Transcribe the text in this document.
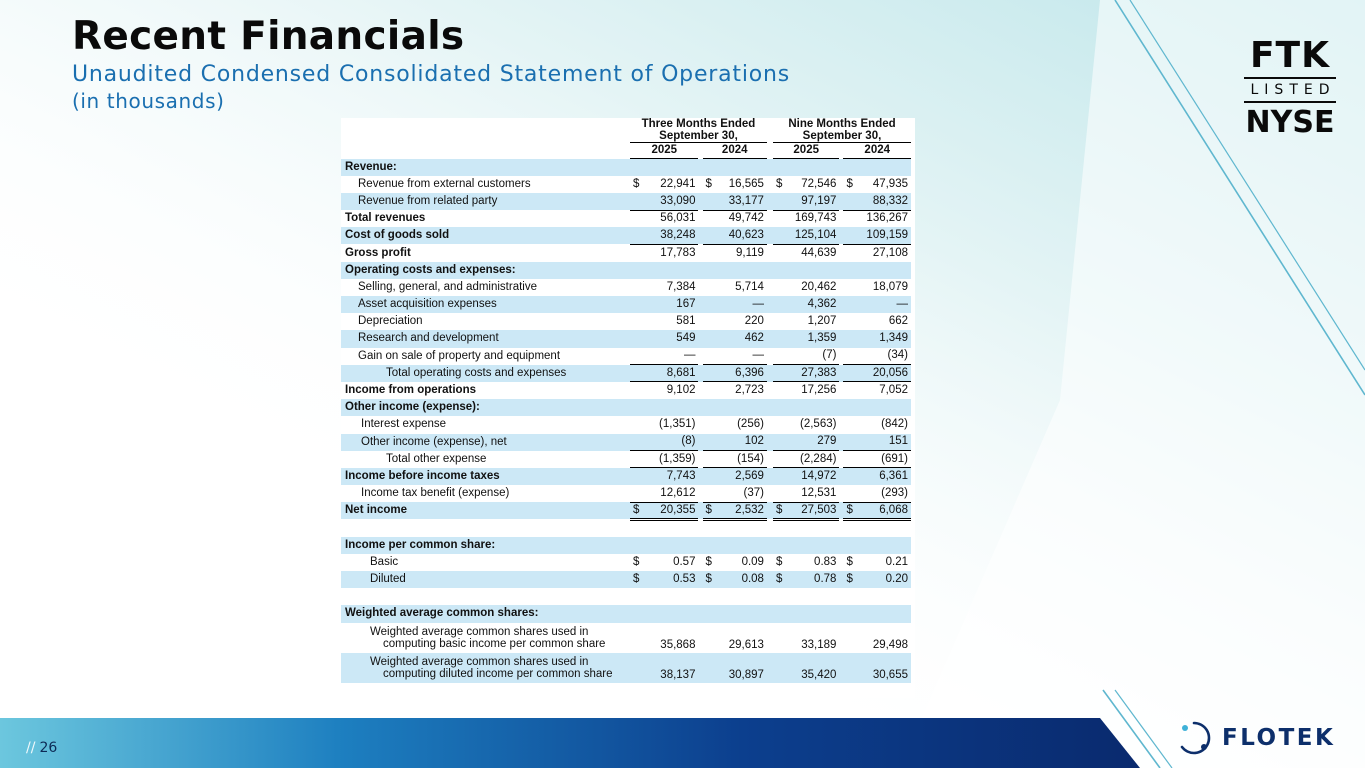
Recent Financials
Unaudited Condensed Consolidated Statement of Operations
(in thousands)
FTK
LISTED
NYSE
	Three Months Ended
September 30,				Nine Months Ended
September 30,		
	2025		2024		2025		2024
Revenue:							
Revenue from external customers	$ 22,941		$ 16,565		$ 72,546		$ 47,935
Revenue from related party	33,090		33,177		97,197		88,332
Total revenues	56,031		49,742		169,743		136,267
Cost of goods sold	38,248		40,623		125,104		109,159
Gross profit	17,783		9,119		44,639		27,108
Operating costs and expenses:							
Selling, general, and administrative	7,384		5,714		20,462		18,079
Asset acquisition expenses	167		—		4,362		—
Depreciation	581		220		1,207		662
Research and development	549		462		1,359		1,349
Gain on sale of property and equipment	—		—		(7)		(34)
Total operating costs and expenses	8,681		6,396		27,383		20,056
Income from operations	9,102		2,723		17,256		7,052
Other income (expense):							
Interest expense	(1,351)		(256)		(2,563)		(842)
Other income (expense), net	(8)		102		279		151
Total other expense	(1,359)		(154)		(2,284)		(691)
Income before income taxes	7,743		2,569		14,972		6,361
Income tax benefit (expense)	12,612		(37)		12,531		(293)
Net income	$ 20,355		$ 2,532		$ 27,503		$ 6,068

Income per common share:							
Basic	$ 0.57		$ 0.09		$ 0.83		$ 0.21
Diluted	$ 0.53		$ 0.08		$ 0.78		$ 0.20

Weighted average common shares:							
Weighted average common shares used in
computing basic income per common share	35,868		29,613		33,189		29,498
Weighted average common shares used in
computing diluted income per common share	38,137		30,897		35,420		30,655
// 26	FLOTEK
